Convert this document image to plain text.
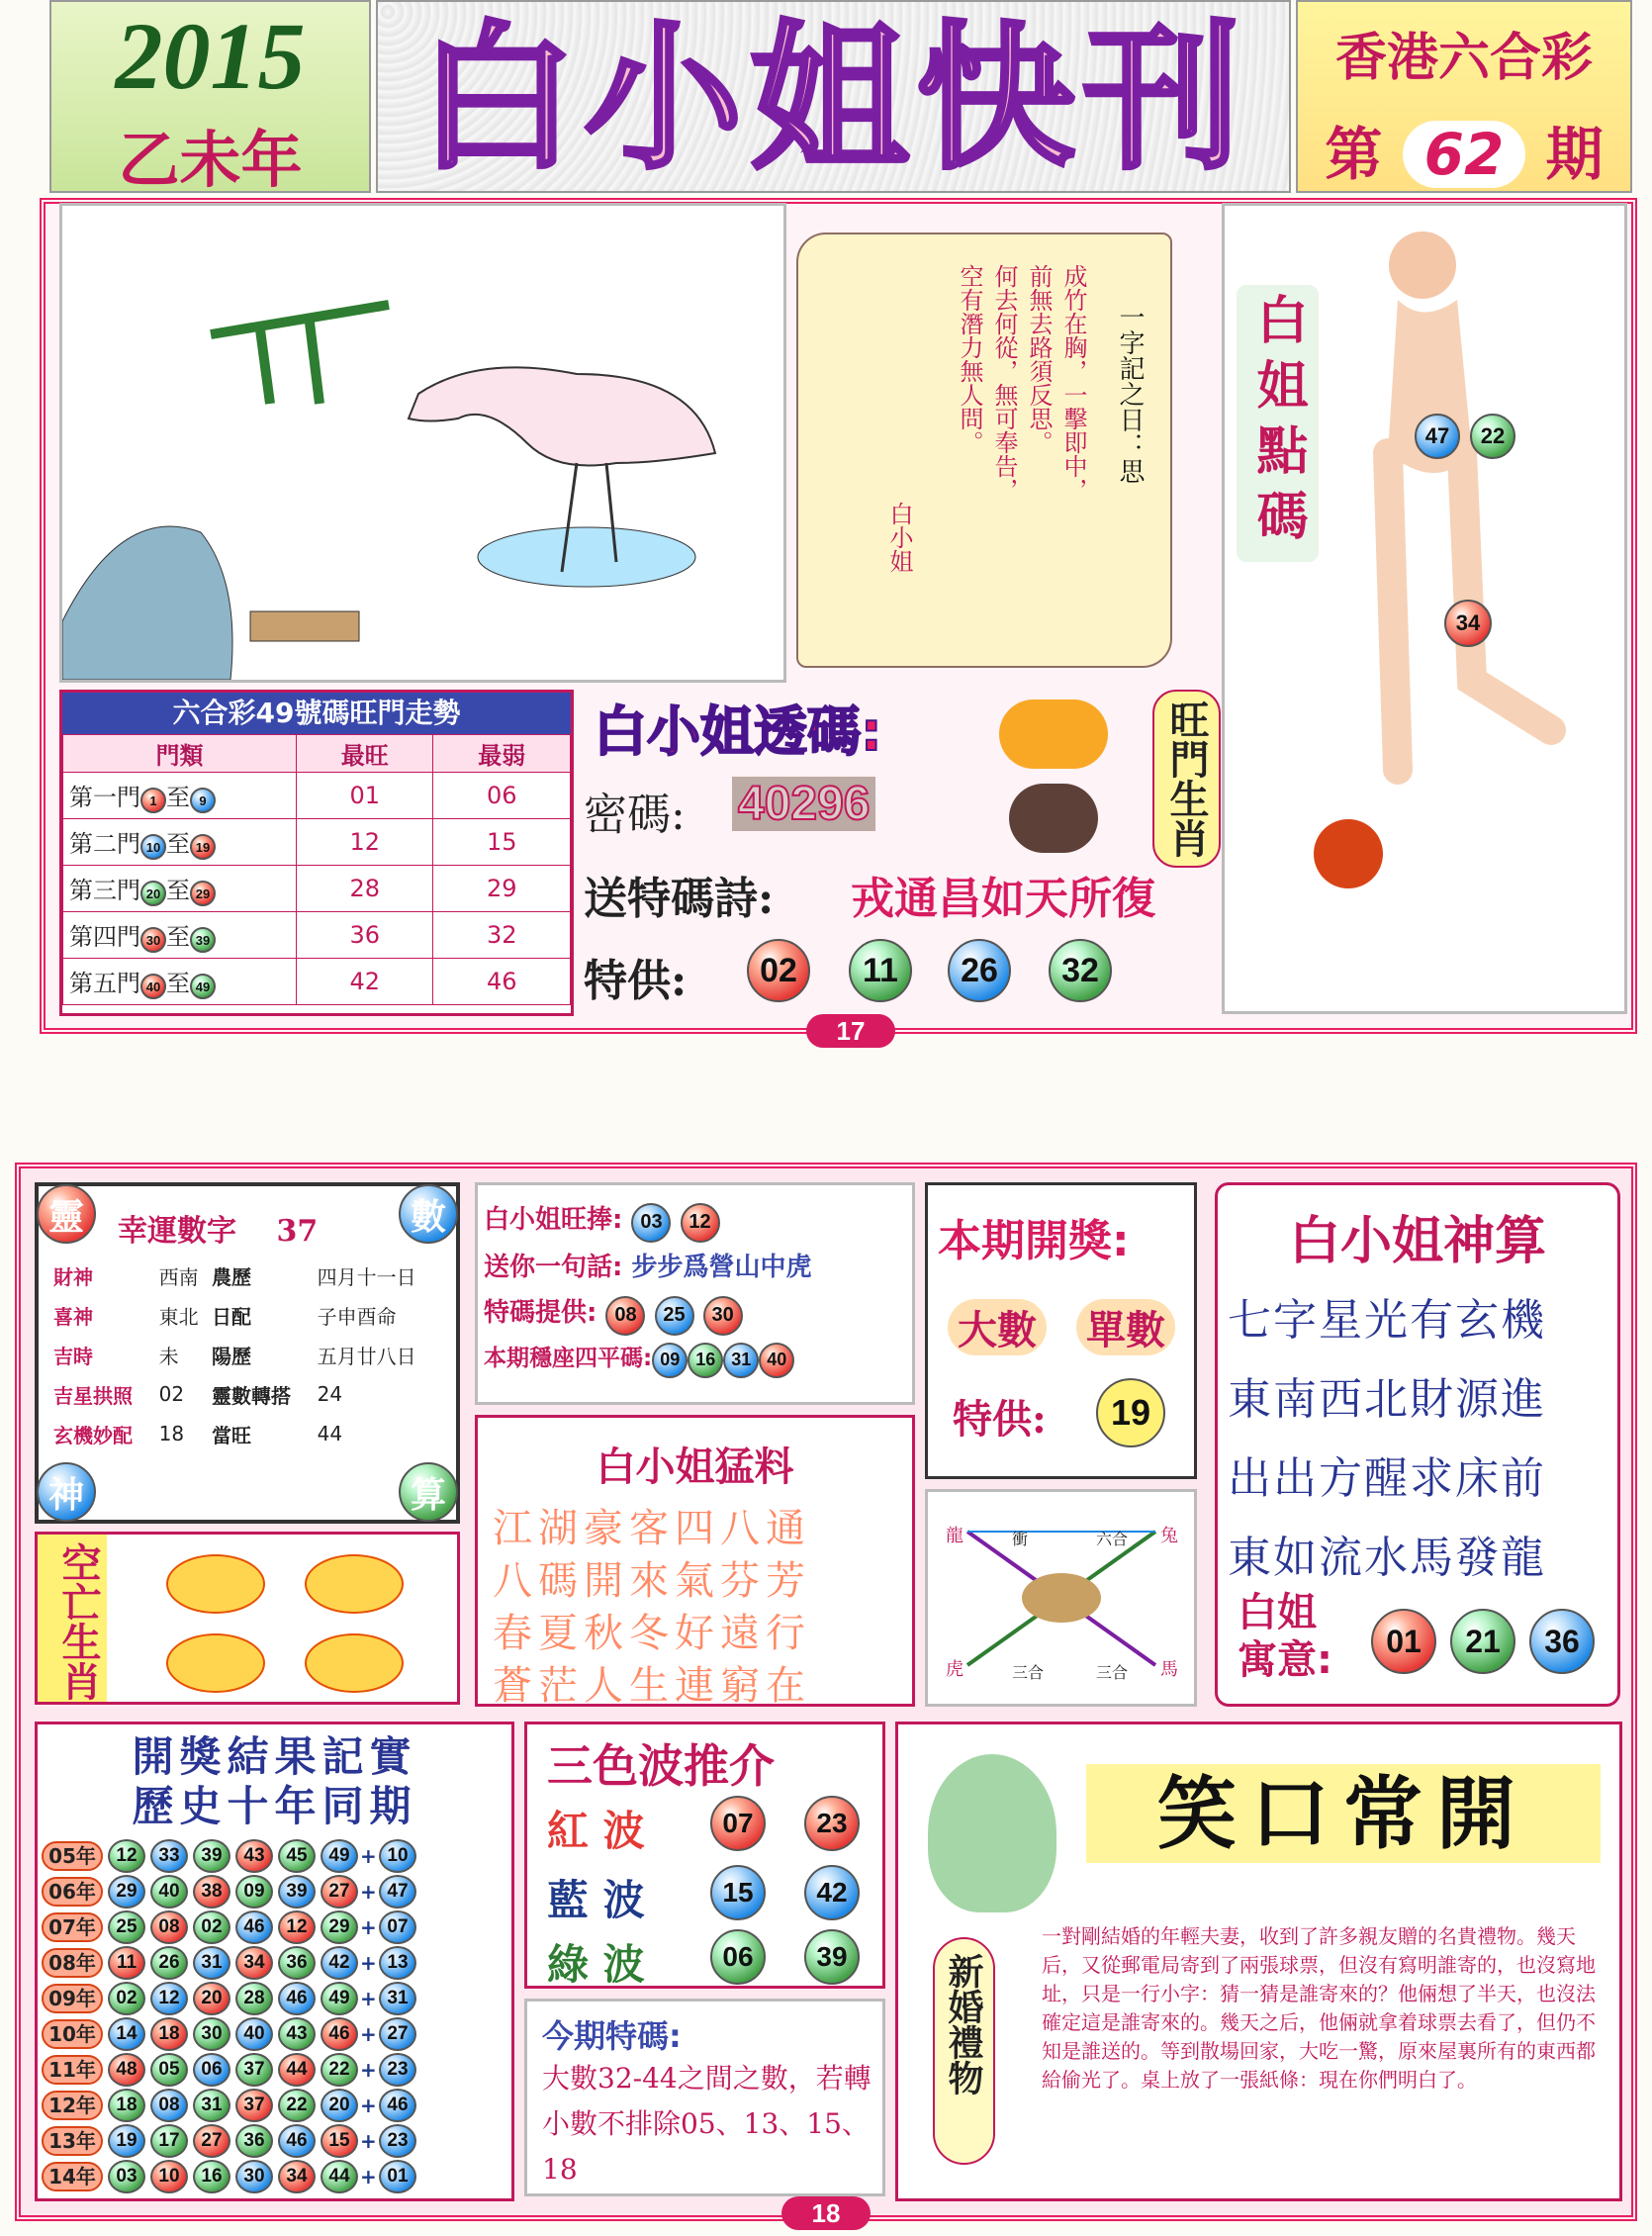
2015
乙未年 白小姐快刊	香港六合彩
第 62 期
一字記之日：思
成竹在胸，一擊即中，
前無去路須反思。
何去何從，無可奉告，
空有潛力無人問。
白小姐	白姐點碼	47	22
34
六合彩49號碼旺門走勢
門類	最旺	最弱
第一門 1 至 9	01	06
第二門 10 至 19	12	15
第三門 20 至 29	28	29
第四門 30 至 39	36	32
第五門 40 至 49	42	46
白小姐透碼:
密碼: 40296
送特碼詩: 戎通昌如天所復
特供:	02	11	26	32
旺門生肖
17
靈	數
神	算
幸運數字 37
財神	西南	農歷	四月十一日
喜神	東北	日配	子申酉命
吉時	未	陽歷	五月廿八日
吉星拱照	02	靈數轉搭	24
玄機妙配	18	當旺	44
空亡生肖
白小姐旺捧: 03 12
送你一句話: 步步爲營山中虎
特碼提供: 08 25 30
本期穩座四平碼: 09 16 31 40
本期開獎:
大數 單數
特供:	19
龍	衝	六合 兔
虎	三合	三合 馬
白小姐神算
七字星光有玄機
東南西北財源進
出出方醒求床前
東如流水馬發龍
白姐寓意:	01	21	36
白小姐猛料
江湖豪客四八通
八碼開來氣芬芳
春夏秋冬好遠行
蒼茫人生連窮在
開獎結果記實
歷史十年同期
05年	12	33	39	43	45	49 + 10
06年	29	40	38	09	39	27 + 47
07年	25	08	02	46	12	29 + 07
08年	11	26	31	34	36	42 + 13
09年	02	12	20	28	46	49 + 31
10年	14	18	30	40	43	46 + 27
11年	48	05	06	37	44	22 + 23
12年	18	08	31	37	22	20 + 46
13年	19	17	27	36	46	15 + 23
14年	03	10	16	30	34	44 + 01
三色波推介
紅 波	07	23
藍 波	15	42
綠 波	06	39
今期特碼:
大數32-44之間之數，若轉小數不排除05、13、15、18
笑口常開
新婚禮物
一對剛結婚的年輕夫妻，收到了許多親友贈的名貴禮物。幾天后，又從郵電局寄到了兩張球票，但沒有寫明誰寄的，也沒寫地址，只是一行小字：猜一猜是誰寄來的？他倆想了半天，也沒法確定這是誰寄來的。幾天之后，他倆就拿着球票去看了，但仍不知是誰送的。等到散場回家，大吃一驚，原來屋裏所有的東西都給偷光了。桌上放了一張紙條：現在你們明白了。
18
